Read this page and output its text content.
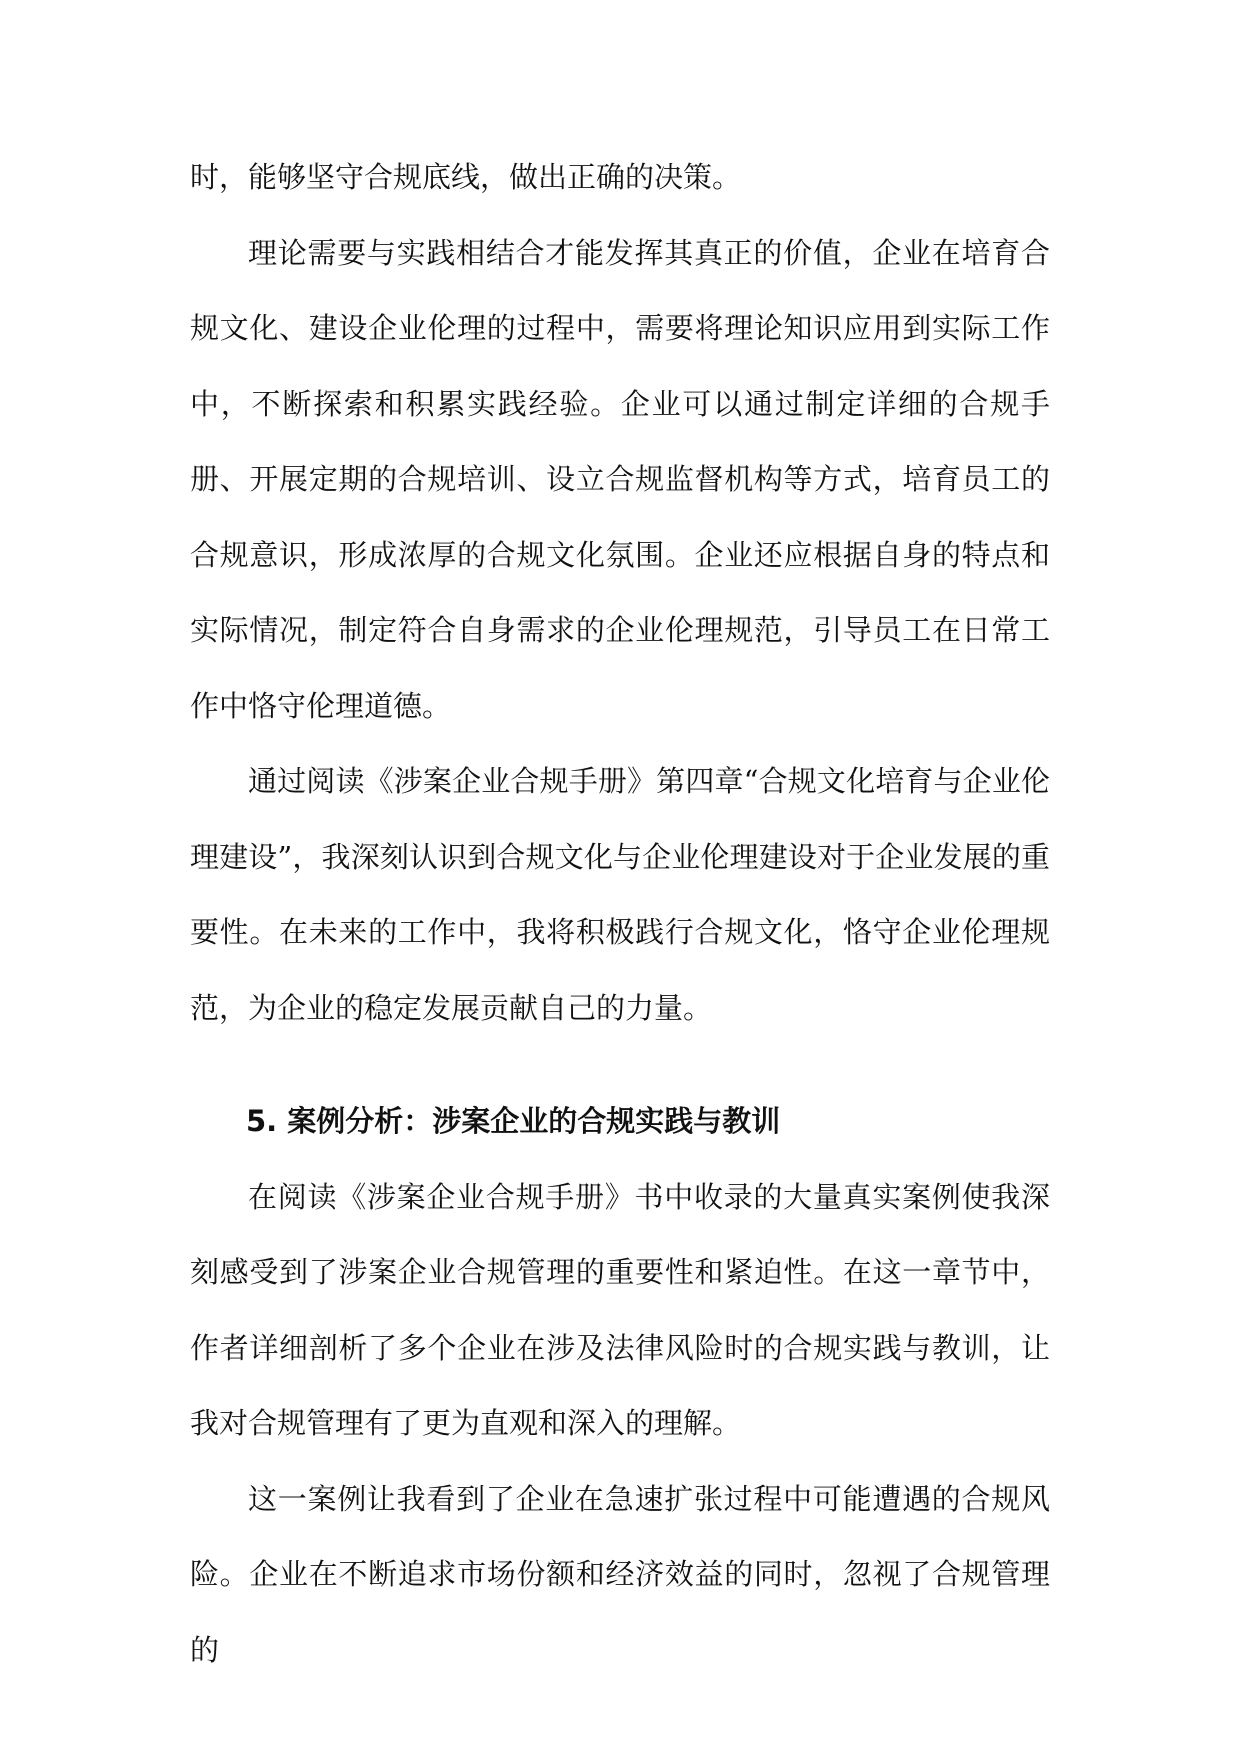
时，能够坚守合规底线，做出正确的决策。

理论需要与实践相结合才能发挥其真正的价值，企业在培育合规文化、建设企业伦理的过程中，需要将理论知识应用到实际工作中，不断探索和积累实践经验。企业可以通过制定详细的合规手册、开展定期的合规培训、设立合规监督机构等方式，培育员工的合规意识，形成浓厚的合规文化氛围。企业还应根据自身的特点和实际情况，制定符合自身需求的企业伦理规范，引导员工在日常工作中恪守伦理道德。

通过阅读《涉案企业合规手册》第四章“合规文化培育与企业伦理建设”，我深刻认识到合规文化与企业伦理建设对于企业发展的重要性。在未来的工作中，我将积极践行合规文化，恪守企业伦理规范，为企业的稳定发展贡献自己的力量。

5. 案例分析：涉案企业的合规实践与教训

在阅读《涉案企业合规手册》书中收录的大量真实案例使我深刻感受到了涉案企业合规管理的重要性和紧迫性。在这一章节中，作者详细剖析了多个企业在涉及法律风险时的合规实践与教训，让我对合规管理有了更为直观和深入的理解。

这一案例让我看到了企业在急速扩张过程中可能遭遇的合规风险。企业在不断追求市场份额和经济效益的同时，忽视了合规管理的
